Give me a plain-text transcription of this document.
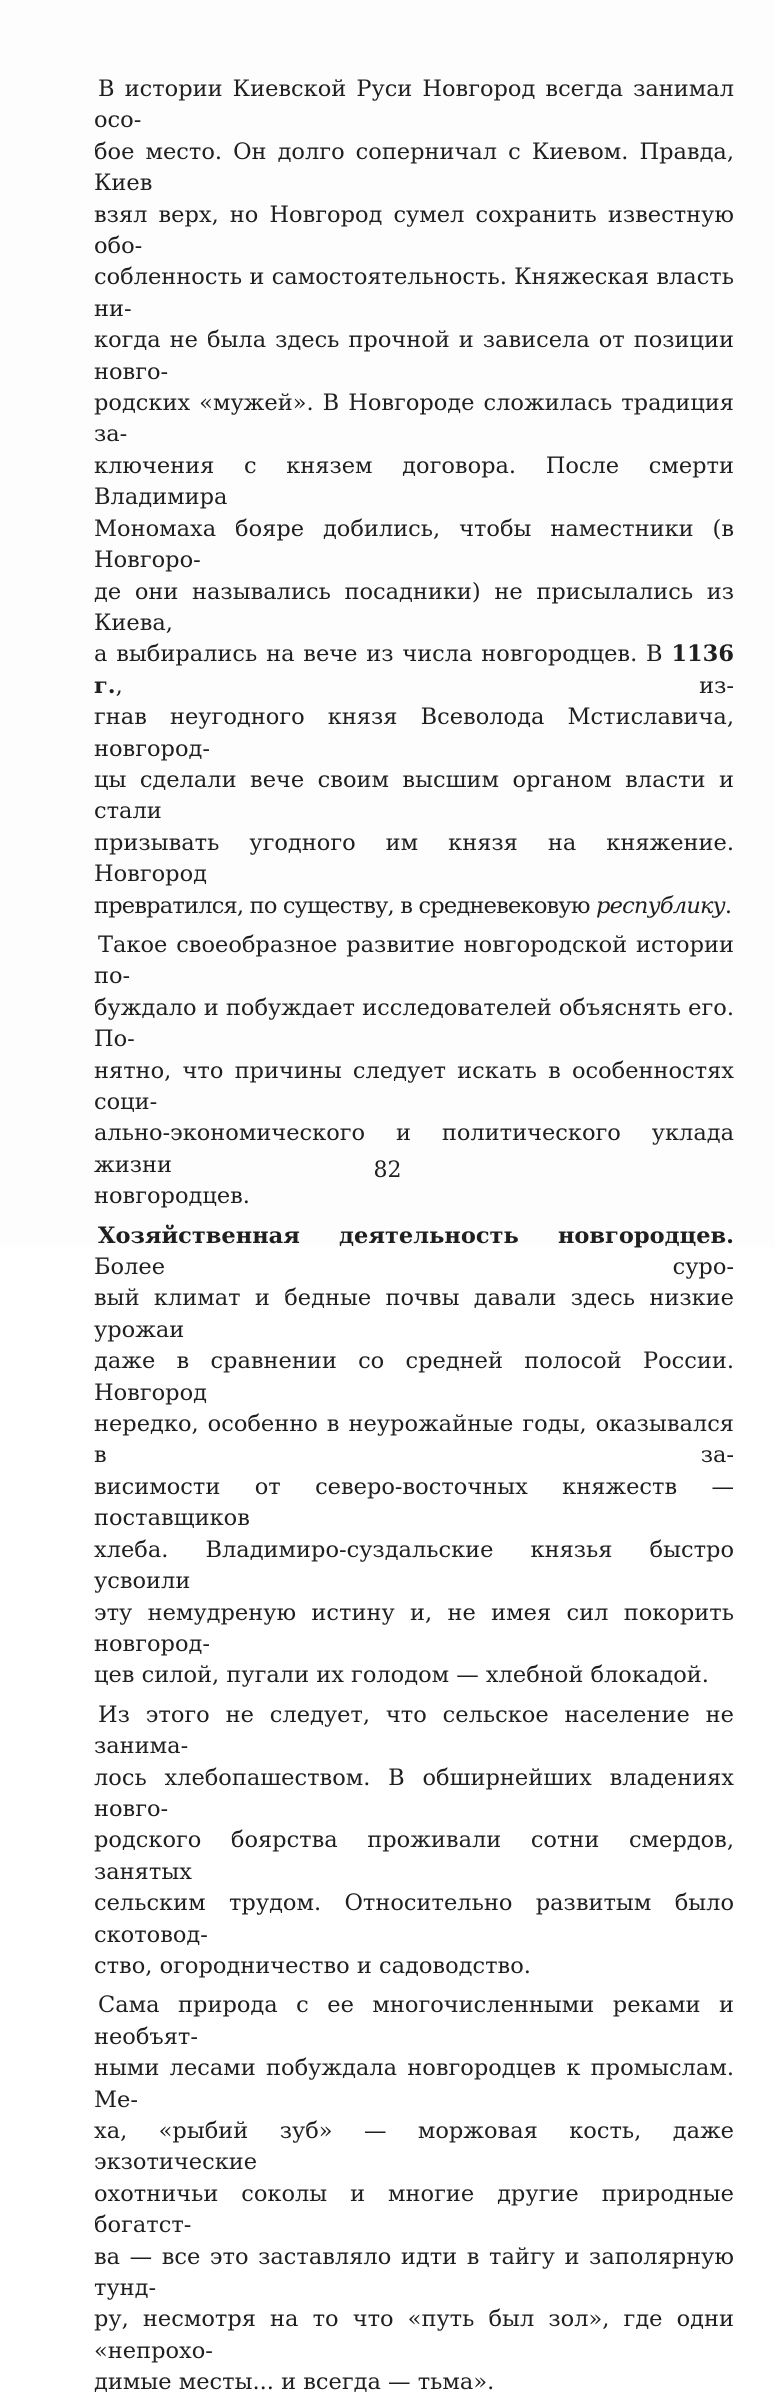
В истории Киевской Руси Новгород всегда занимал осо-
бое место. Он долго соперничал с Киевом. Правда, Киев
взял верх, но Новгород сумел сохранить известную обо-
собленность и самостоятельность. Княжеская власть ни-
когда не была здесь прочной и зависела от позиции новго-
родских «мужей». В Новгороде сложилась традиция за-
ключения с князем договора. После смерти Владимира
Мономаха бояре добились, чтобы наместники (в Новгоро-
де они назывались посадники) не присылались из Киева,
а выбирались на вече из числа новгородцев. В 1136 г., из-
гнав неугодного князя Всеволода Мстиславича, новгород-
цы сделали вече своим высшим органом власти и стали
призывать угодного им князя на княжение. Новгород
превратился, по существу, в средневековую республику.
Такое своеобразное развитие новгородской истории по-
буждало и побуждает исследователей объяснять его. По-
нятно, что причины следует искать в особенностях соци-
ально-экономического и политического уклада жизни
новгородцев.
Хозяйственная деятельность новгородцев. Более суро-
вый климат и бедные почвы давали здесь низкие урожаи
даже в сравнении со средней полосой России. Новгород
нередко, особенно в неурожайные годы, оказывался в за-
висимости от северо-восточных княжеств — поставщиков
хлеба. Владимиро-суздальские князья быстро усвоили
эту немудреную истину и, не имея сил покорить новгород-
цев силой, пугали их голодом — хлебной блокадой.
Из этого не следует, что сельское население не занима-
лось хлебопашеством. В обширнейших владениях новго-
родского боярства проживали сотни смердов, занятых
сельским трудом. Относительно развитым было скотовод-
ство, огородничество и садоводство.
Сама природа с ее многочисленными реками и необъят-
ными лесами побуждала новгородцев к промыслам. Ме-
ха, «рыбий зуб» — моржовая кость, даже экзотические
охотничьи соколы и многие другие природные богатст-
ва — все это заставляло идти в тайгу и заполярную тунд-
ру, несмотря на то что «путь был зол», где одни «непрохо-
димые месты... и всегда — тьма».
82
